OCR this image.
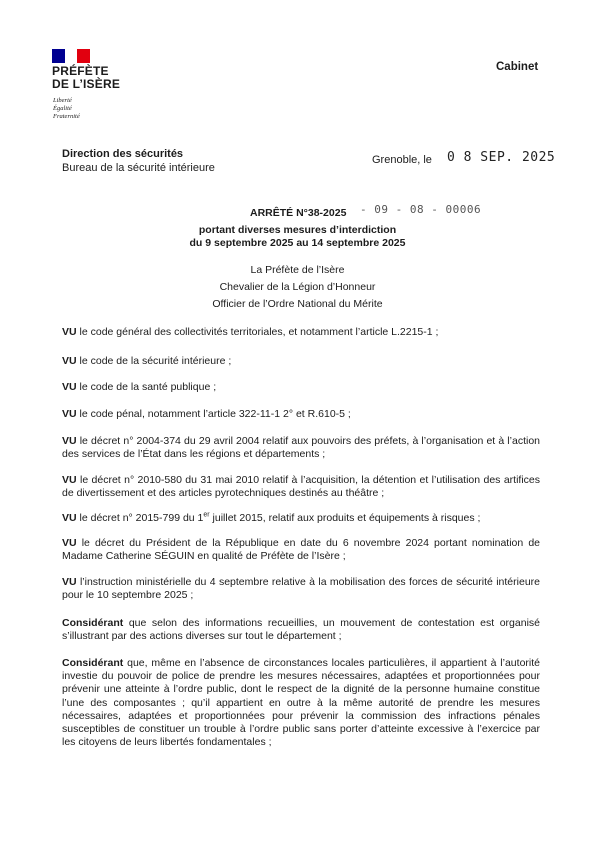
PRÉFÈTE
DE L’ISÈRE
Liberté
Égalité
Fraternité
Cabinet
Direction des sécurités
Bureau de la sécurité intérieure
Grenoble, le 0 8 SEP. 2025
ARRÊTÉ N°38-2025 - 09 - 08 - 00006
portant diverses mesures d’interdiction
du 9 septembre 2025 au 14 septembre 2025
La Préfète de l’Isère
Chevalier de la Légion d’Honneur
Officier de l’Ordre National du Mérite
VU le code général des collectivités territoriales, et notamment l’article L.2215-1 ;
VU le code de la sécurité intérieure ;
VU le code de la santé publique ;
VU le code pénal, notamment l’article 322-11-1 2° et R.610-5 ;
VU le décret n° 2004-374 du 29 avril 2004 relatif aux pouvoirs des préfets, à l’organisation et à l’action des services de l’État dans les régions et départements ;
VU le décret n° 2010-580 du 31 mai 2010 relatif à l’acquisition, la détention et l’utilisation des artifices de divertissement et des articles pyrotechniques destinés au théâtre ;
VU le décret n° 2015-799 du 1er juillet 2015, relatif aux produits et équipements à risques ;
VU le décret du Président de la République en date du 6 novembre 2024 portant nomination de Madame Catherine SÉGUIN en qualité de Préfète de l’Isère ;
VU l’instruction ministérielle du 4 septembre relative à la mobilisation des forces de sécurité intérieure pour le 10 septembre 2025 ;
Considérant que selon des informations recueillies, un mouvement de contestation est organisé s’illustrant par des actions diverses sur tout le département ;
Considérant que, même en l’absence de circonstances locales particulières, il appartient à l’autorité investie du pouvoir de police de prendre les mesures nécessaires, adaptées et proportionnées pour prévenir une atteinte à l’ordre public, dont le respect de la dignité de la personne humaine constitue l’une des composantes ; qu’il appartient en outre à la même autorité de prendre les mesures nécessaires, adaptées et proportionnées pour prévenir la commission des infractions pénales susceptibles de constituer un trouble à l’ordre public sans porter d’atteinte excessive à l’exercice par les citoyens de leurs libertés fondamentales ;
